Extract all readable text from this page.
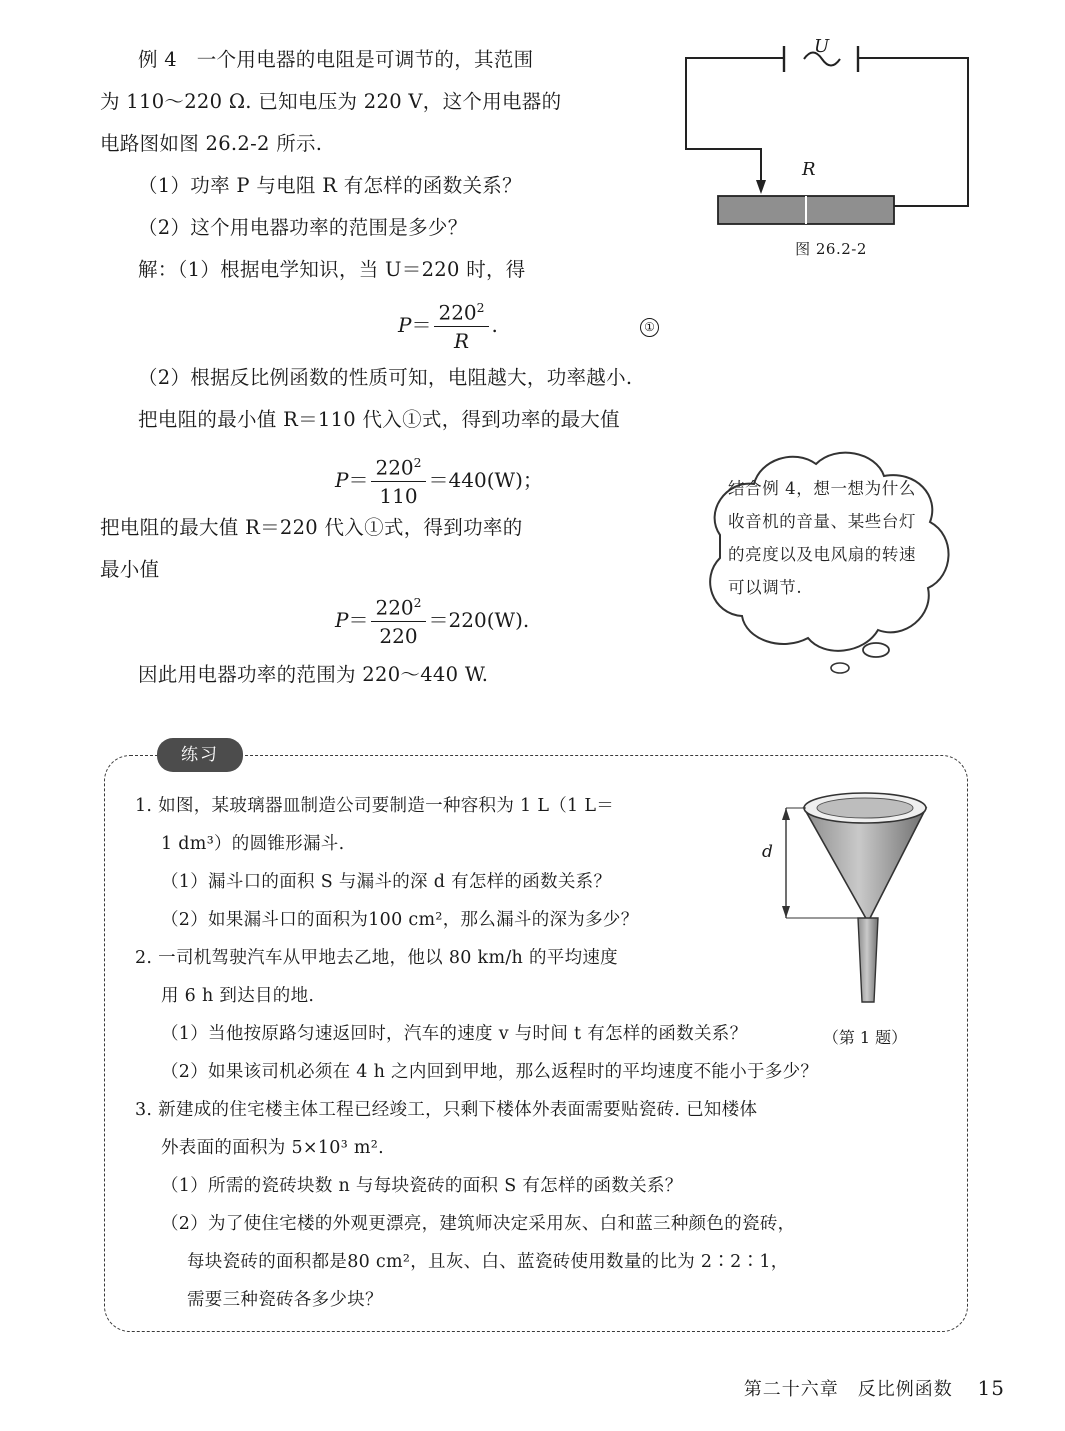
例 4　一个用电器的电阻是可调节的，其范围

为 110～220 Ω. 已知电压为 220 V，这个用电器的

电路图如图 26.2-2 所示.

（1）功率 P 与电阻 R 有怎样的函数关系？

（2）这个用电器功率的范围是多少？

解：（1）根据电学知识，当 U＝220 时，得

U
R
图 26.2-2
$P= \frac{220^2}{R}$ .	①

（2）根据反比例函数的性质可知，电阻越大，功率越小.

把电阻的最小值 R＝110 代入①式，得到功率的最大值

$P= \frac{220^2}{110} =440(W)$；

把电阻的最大值 R＝220 代入①式，得到功率的

最小值

$P= \frac{220^2}{220} =220(W)$.

因此用电器功率的范围为 220～440 W.

结合例 4，想一想为什么收音机的音量、某些台灯的亮度以及电风扇的转速可以调节.
练习

1. 如图，某玻璃器皿制造公司要制造一种容积为 1 L（1 L＝

1 dm³）的圆锥形漏斗.

（1）漏斗口的面积 S 与漏斗的深 d 有怎样的函数关系？

（2）如果漏斗口的面积为100 cm²，那么漏斗的深为多少？

2. 一司机驾驶汽车从甲地去乙地，他以 80 km/h 的平均速度

用 6 h 到达目的地.

（1）当他按原路匀速返回时，汽车的速度 v 与时间 t 有怎样的函数关系？

（2）如果该司机必须在 4 h 之内回到甲地，那么返程时的平均速度不能小于多少？

3. 新建成的住宅楼主体工程已经竣工，只剩下楼体外表面需要贴瓷砖. 已知楼体

外表面的面积为 5×10³ m².

（1）所需的瓷砖块数 n 与每块瓷砖的面积 S 有怎样的函数关系？

（2）为了使住宅楼的外观更漂亮，建筑师决定采用灰、白和蓝三种颜色的瓷砖，

每块瓷砖的面积都是80 cm²，且灰、白、蓝瓷砖使用数量的比为 2∶2∶1，

需要三种瓷砖各多少块？

d
（第 1 题）
第二十六章　反比例函数 15
